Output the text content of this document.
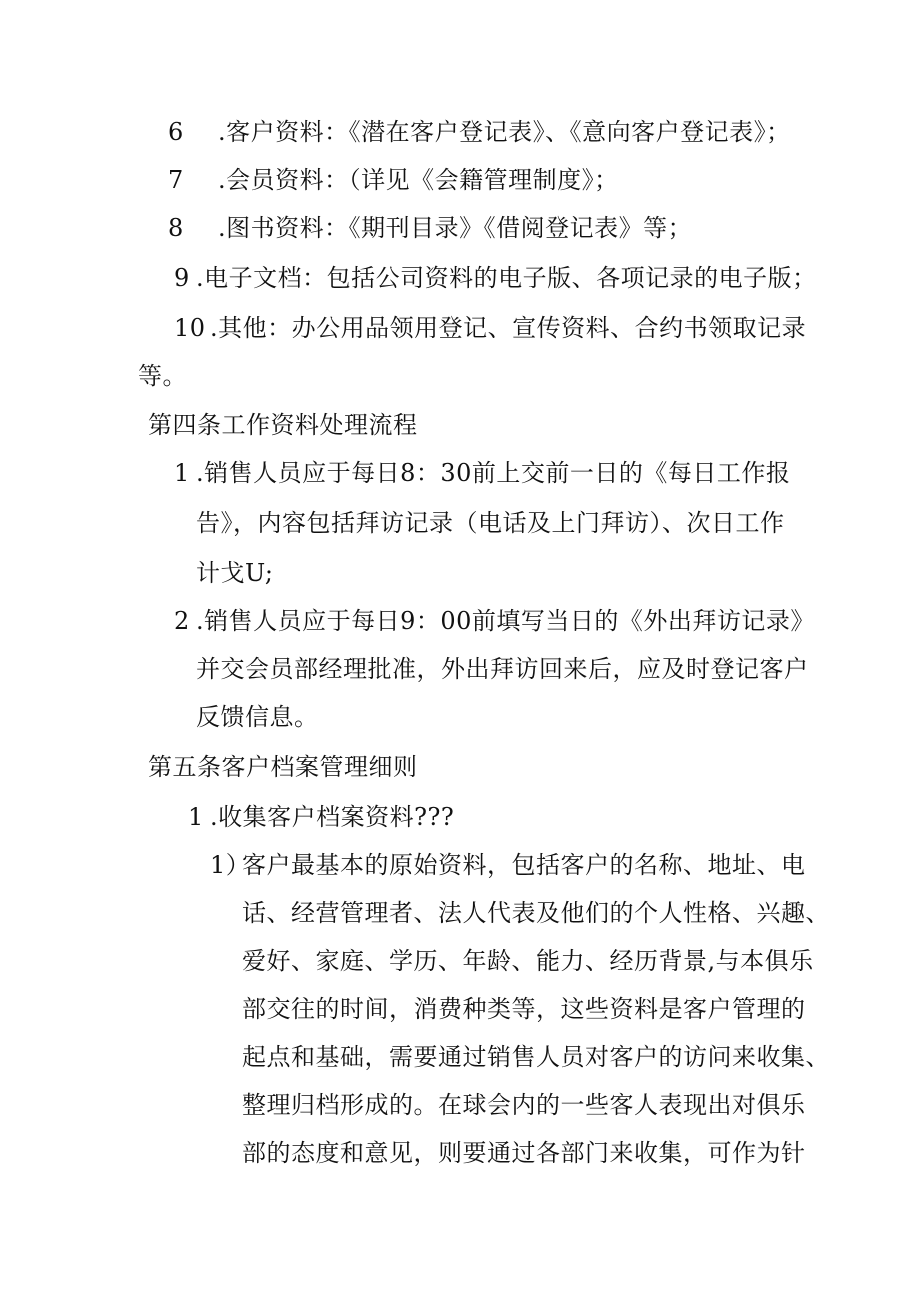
6 .客户资料：《潜在客户登记表》、《意向客户登记表》；
7 .会员资料：（详见《会籍管理制度》；
8 .图书资料：《期刊目录》《借阅登记表》等；
9 .电子文档：包括公司资料的电子版、各项记录的电子版；
10 .其他：办公用品领用登记、宣传资料、合约书领取记录
等。
第四条工作资料处理流程
1 .销售人员应于每日8：30前上交前一日的《每日工作报
告》，内容包括拜访记录（电话及上门拜访）、次日工作
计戈U;
2 .销售人员应于每日9：00前填写当日的《外出拜访记录》
并交会员部经理批准，外出拜访回来后，应及时登记客户
反馈信息。
第五条客户档案管理细则
1 .收集客户档案资料???
1）客户最基本的原始资料，包括客户的名称、地址、电
话、经营管理者、法人代表及他们的个人性格、兴趣、
爱好、家庭、学历、年龄、能力、经历背景,与本俱乐
部交往的时间，消费种类等，这些资料是客户管理的
起点和基础，需要通过销售人员对客户的访问来收集、
整理归档形成的。在球会内的一些客人表现出对俱乐
部的态度和意见，则要通过各部门来收集，可作为针
